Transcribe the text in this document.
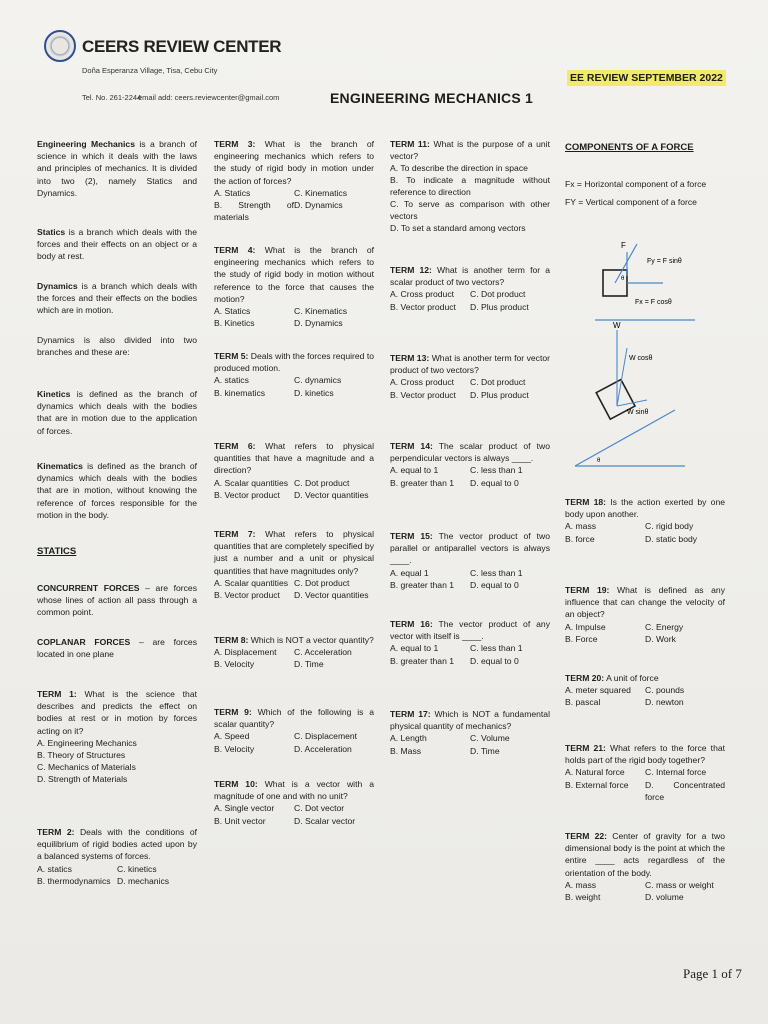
CEERS REVIEW CENTER
Doña Esperanza Village, Tisa, Cebu City
Tel. No. 261-2244
email add: ceers.reviewcenter@gmail.com	ENGINEERING MECHANICS 1
EE REVIEW SEPTEMBER 2022
Engineering Mechanics is a branch of science in which it deals with the laws and principles of mechanics. It is divided into two (2), namely Statics and Dynamics.
Statics is a branch which deals with the forces and their effects on an object or a body at rest.
Dynamics is a branch which deals with the forces and their effects on the bodies which are in motion.
Dynamics is also divided into two branches and these are:
Kinetics is defined as the branch of dynamics which deals with the bodies that are in motion due to the application of forces.
Kinematics is defined as the branch of dynamics which deals with the bodies that are in motion, without knowing the reference of forces responsible for the motion in the body.
STATICS
CONCURRENT FORCES – are forces whose lines of action all pass through a common point.
COPLANAR FORCES – are forces located in one plane
TERM 1: What is the science that describes and predicts the effect on bodies at rest or in motion by forces acting on it?
A. Engineering Mechanics
B. Theory of Structures
C. Mechanics of Materials
D. Strength of Materials
TERM 2: Deals with the conditions of equilibrium of rigid bodies acted upon by a balanced systems of forces.
A. statics	C. kinetics
B. thermodynamics D. mechanics
TERM 3: What is the branch of engineering mechanics which refers to the study of rigid body in motion under the action of forces?
A. Statics	C. Kinematics
B. Strength of materials
D. Dynamics
TERM 4: What is the branch of engineering mechanics which refers to the study of rigid body in motion without reference to the force that causes the motion?
A. Statics	C. Kinematics
B. Kinetics	D. Dynamics
TERM 5: Deals with the forces required to produced motion.
A. statics	C. dynamics
B. kinematics	D. kinetics
TERM 6: What refers to physical quantities that have a magnitude and a direction?
A. Scalar quantities C. Dot product
B. Vector product	D. Vector quantities
TERM 7: What refers to physical quantities that are completely specified by just a number and a unit or physical quantities that have magnitudes only?
A. Scalar quantities C. Dot product
B. Vector product	D. Vector quantities
TERM 8: Which is NOT a vector quantity?
A. Displacement	C. Acceleration
B. Velocity	D. Time
TERM 9: Which of the following is a scalar quantity?
A. Speed	C. Displacement
B. Velocity	D. Acceleration
TERM 10: What is a vector with a magnitude of one and with no unit?
A. Single vector	C. Dot vector
B. Unit vector	D. Scalar vector
TERM 11: What is the purpose of a unit vector?
A. To describe the direction in space
B. To indicate a magnitude without reference to direction
C. To serve as comparison with other vectors
D. To set a standard among vectors
TERM 12: What is another term for a scalar product of two vectors?
A. Cross product	C. Dot product
B. Vector product	D. Plus product
TERM 13: What is another term for vector product of two vectors?
A. Cross product	C. Dot product
B. Vector product	D. Plus product
TERM 14: The scalar product of two perpendicular vectors is always ____.
A. equal to 1	C. less than 1
B. greater than 1	D. equal to 0
TERM 15: The vector product of two parallel or antiparallel vectors is always ____.
A. equal 1	C. less than 1
B. greater than 1	D. equal to 0
TERM 16: The vector product of any vector with itself is ____.
A. equal to 1	C. less than 1
B. greater than 1	D. equal to 0
TERM 17: Which is NOT a fundamental physical quantity of mechanics?
A. Length	C. Volume
B. Mass	D. Time
COMPONENTS OF A FORCE
Fx = Horizontal component of a force
FY = Vertical component of a force
F
Fy = F sinθ
Fx = F cosθ
θ
W
W cosθ
W sinθ
θ
TERM 18: Is the action exerted by one body upon another.
A. mass	C. rigid body
B. force	D. static body
TERM 19: What is defined as any influence that can change the velocity of an object?
A. Impulse	C. Energy
B. Force	D. Work
TERM 20: A unit of force
A. meter squared	C. pounds
B. pascal	D. newton
TERM 21: What refers to the force that holds part of the rigid body together?
A. Natural force	C. Internal force
B. External force	D. Concentrated force
TERM 22: Center of gravity for a two dimensional body is the point at which the entire ____ acts regardless of the orientation of the body.
A. mass	C. mass or weight
B. weight	D. volume
Page 1 of 7
